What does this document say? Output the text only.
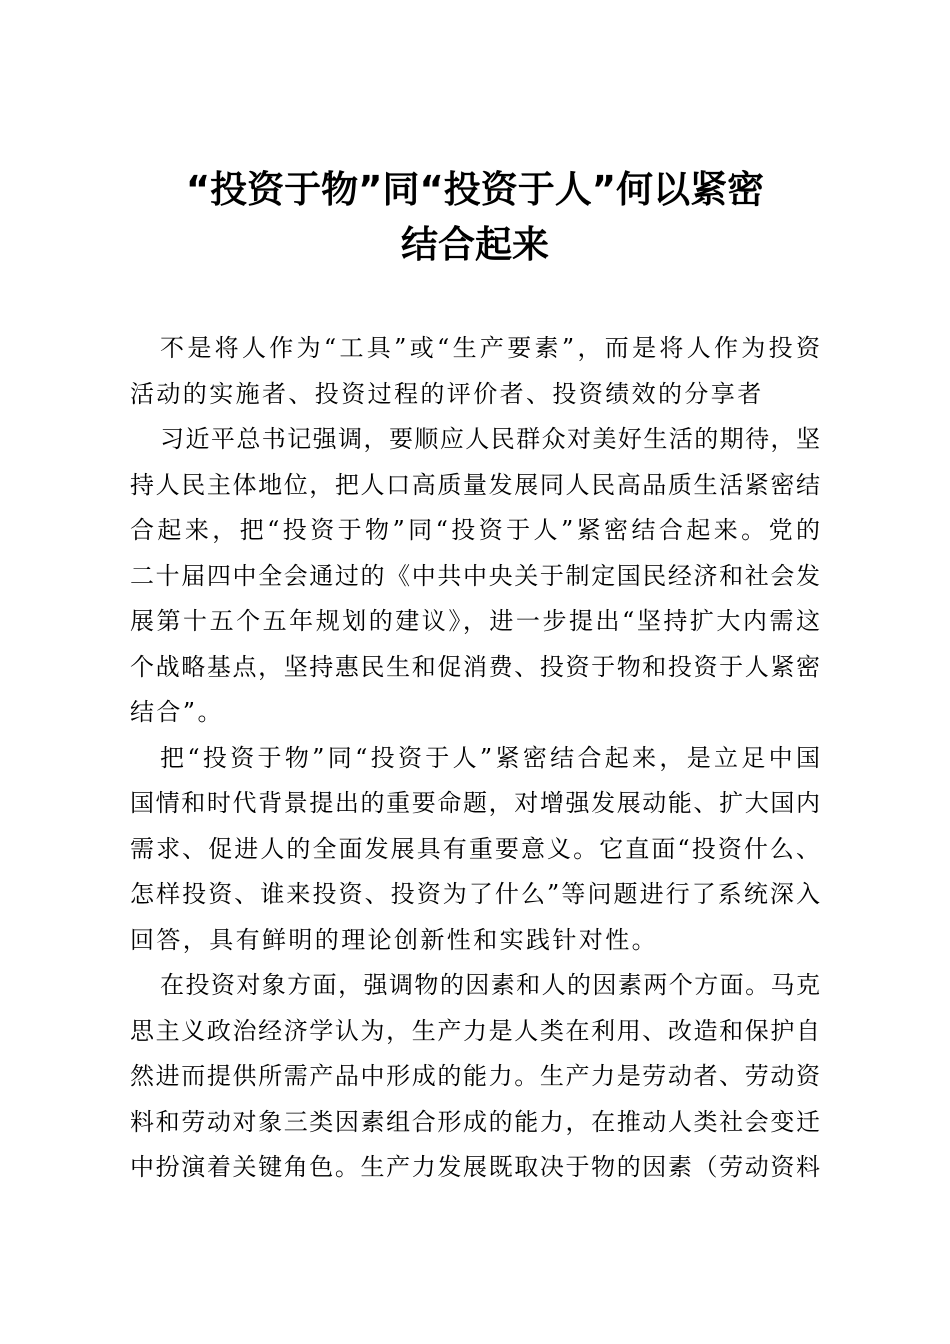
“投资于物”同“投资于人”何以紧密
结合起来
不是将人作为“工具”或“生产要素”，而是将人作为投资
活动的实施者、投资过程的评价者、投资绩效的分享者
习近平总书记强调，要顺应人民群众对美好生活的期待，坚
持人民主体地位，把人口高质量发展同人民高品质生活紧密结
合起来，把“投资于物”同“投资于人”紧密结合起来。党的
二十届四中全会通过的《中共中央关于制定国民经济和社会发
展第十五个五年规划的建议》，进一步提出“坚持扩大内需这
个战略基点，坚持惠民生和促消费、投资于物和投资于人紧密
结合”。
把“投资于物”同“投资于人”紧密结合起来，是立足中国
国情和时代背景提出的重要命题，对增强发展动能、扩大国内
需求、促进人的全面发展具有重要意义。它直面“投资什么、
怎样投资、谁来投资、投资为了什么”等问题进行了系统深入
回答，具有鲜明的理论创新性和实践针对性。
在投资对象方面，强调物的因素和人的因素两个方面。马克
思主义政治经济学认为，生产力是人类在利用、改造和保护自
然进而提供所需产品中形成的能力。生产力是劳动者、劳动资
料和劳动对象三类因素组合形成的能力，在推动人类社会变迁
中扮演着关键角色。生产力发展既取决于物的因素（劳动资料
